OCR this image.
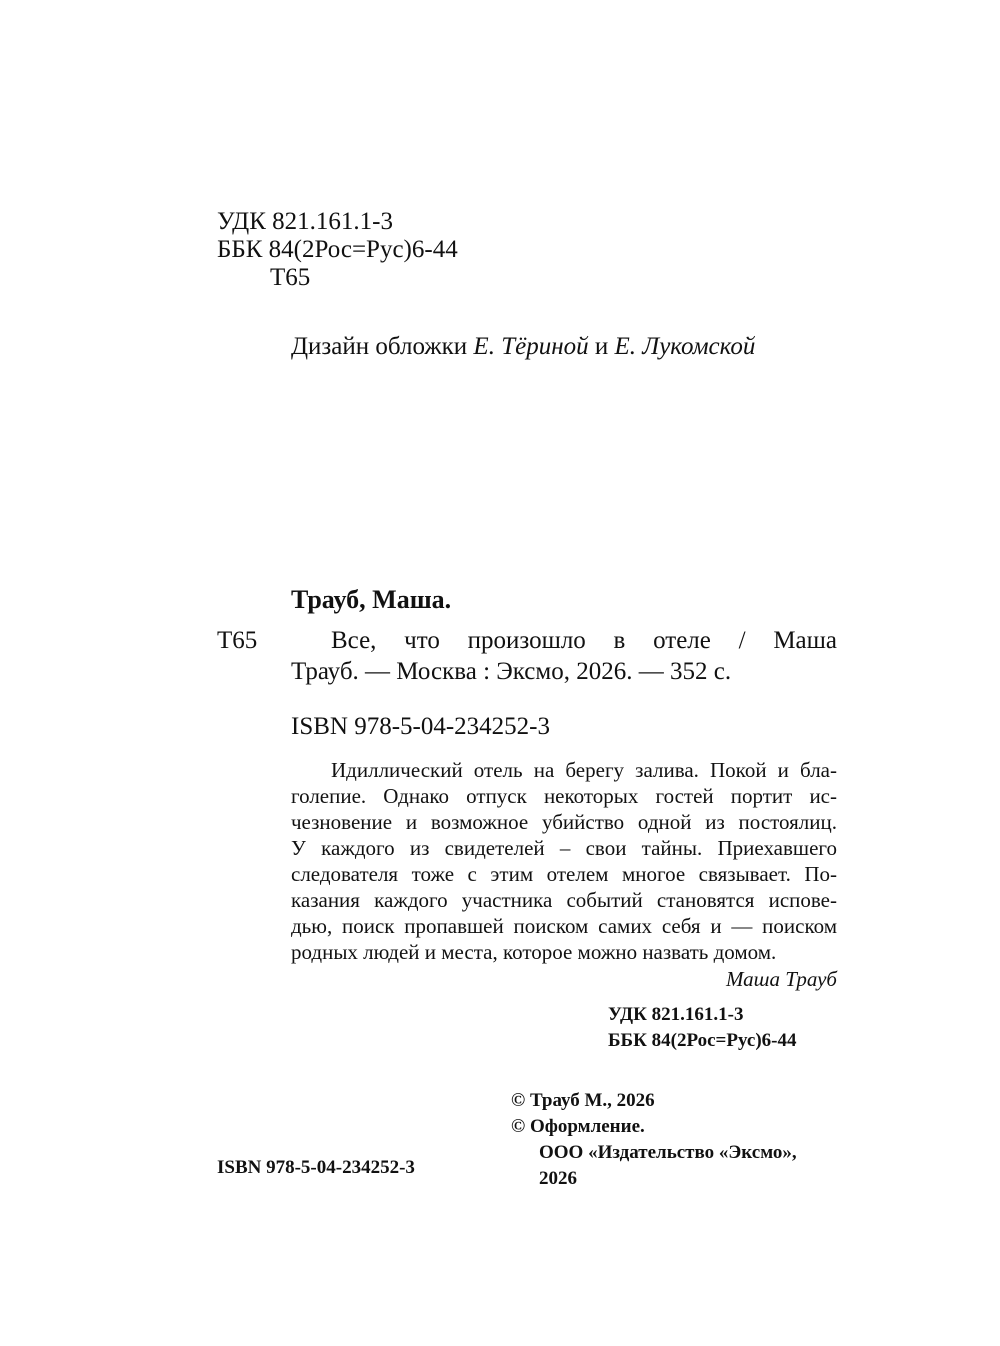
УДК 821.161.1-3
ББК 84(2Рос=Рус)6-44
Т65
Дизайн обложки Е. Тёриной и Е. Лукомской
Трауб, Маша.
Т65	Все, что произошло в отеле / Маша
Трауб. — Москва : Эксмо, 2026. — 352 с.
ISBN 978-5-04-234252-3
Идиллический отель на берегу залива. Покой и бла-
голепие. Однако отпуск некоторых гостей портит ис-
чезновение и возможное убийство одной из постоялиц.
У каждого из свидетелей – свои тайны. Приехавшего
следователя тоже с этим отелем многое связывает. По-
казания каждого участника событий становятся испове-
дью, поиск пропавшей поиском самих себя и — поиском
родных людей и места, которое можно назвать домом.
Маша Трауб
УДК 821.161.1-3
ББК 84(2Рос=Рус)6-44
© Трауб М., 2026
© Оформление.
ООО «Издательство «Эксмо»,
2026
ISBN 978-5-04-234252-3
